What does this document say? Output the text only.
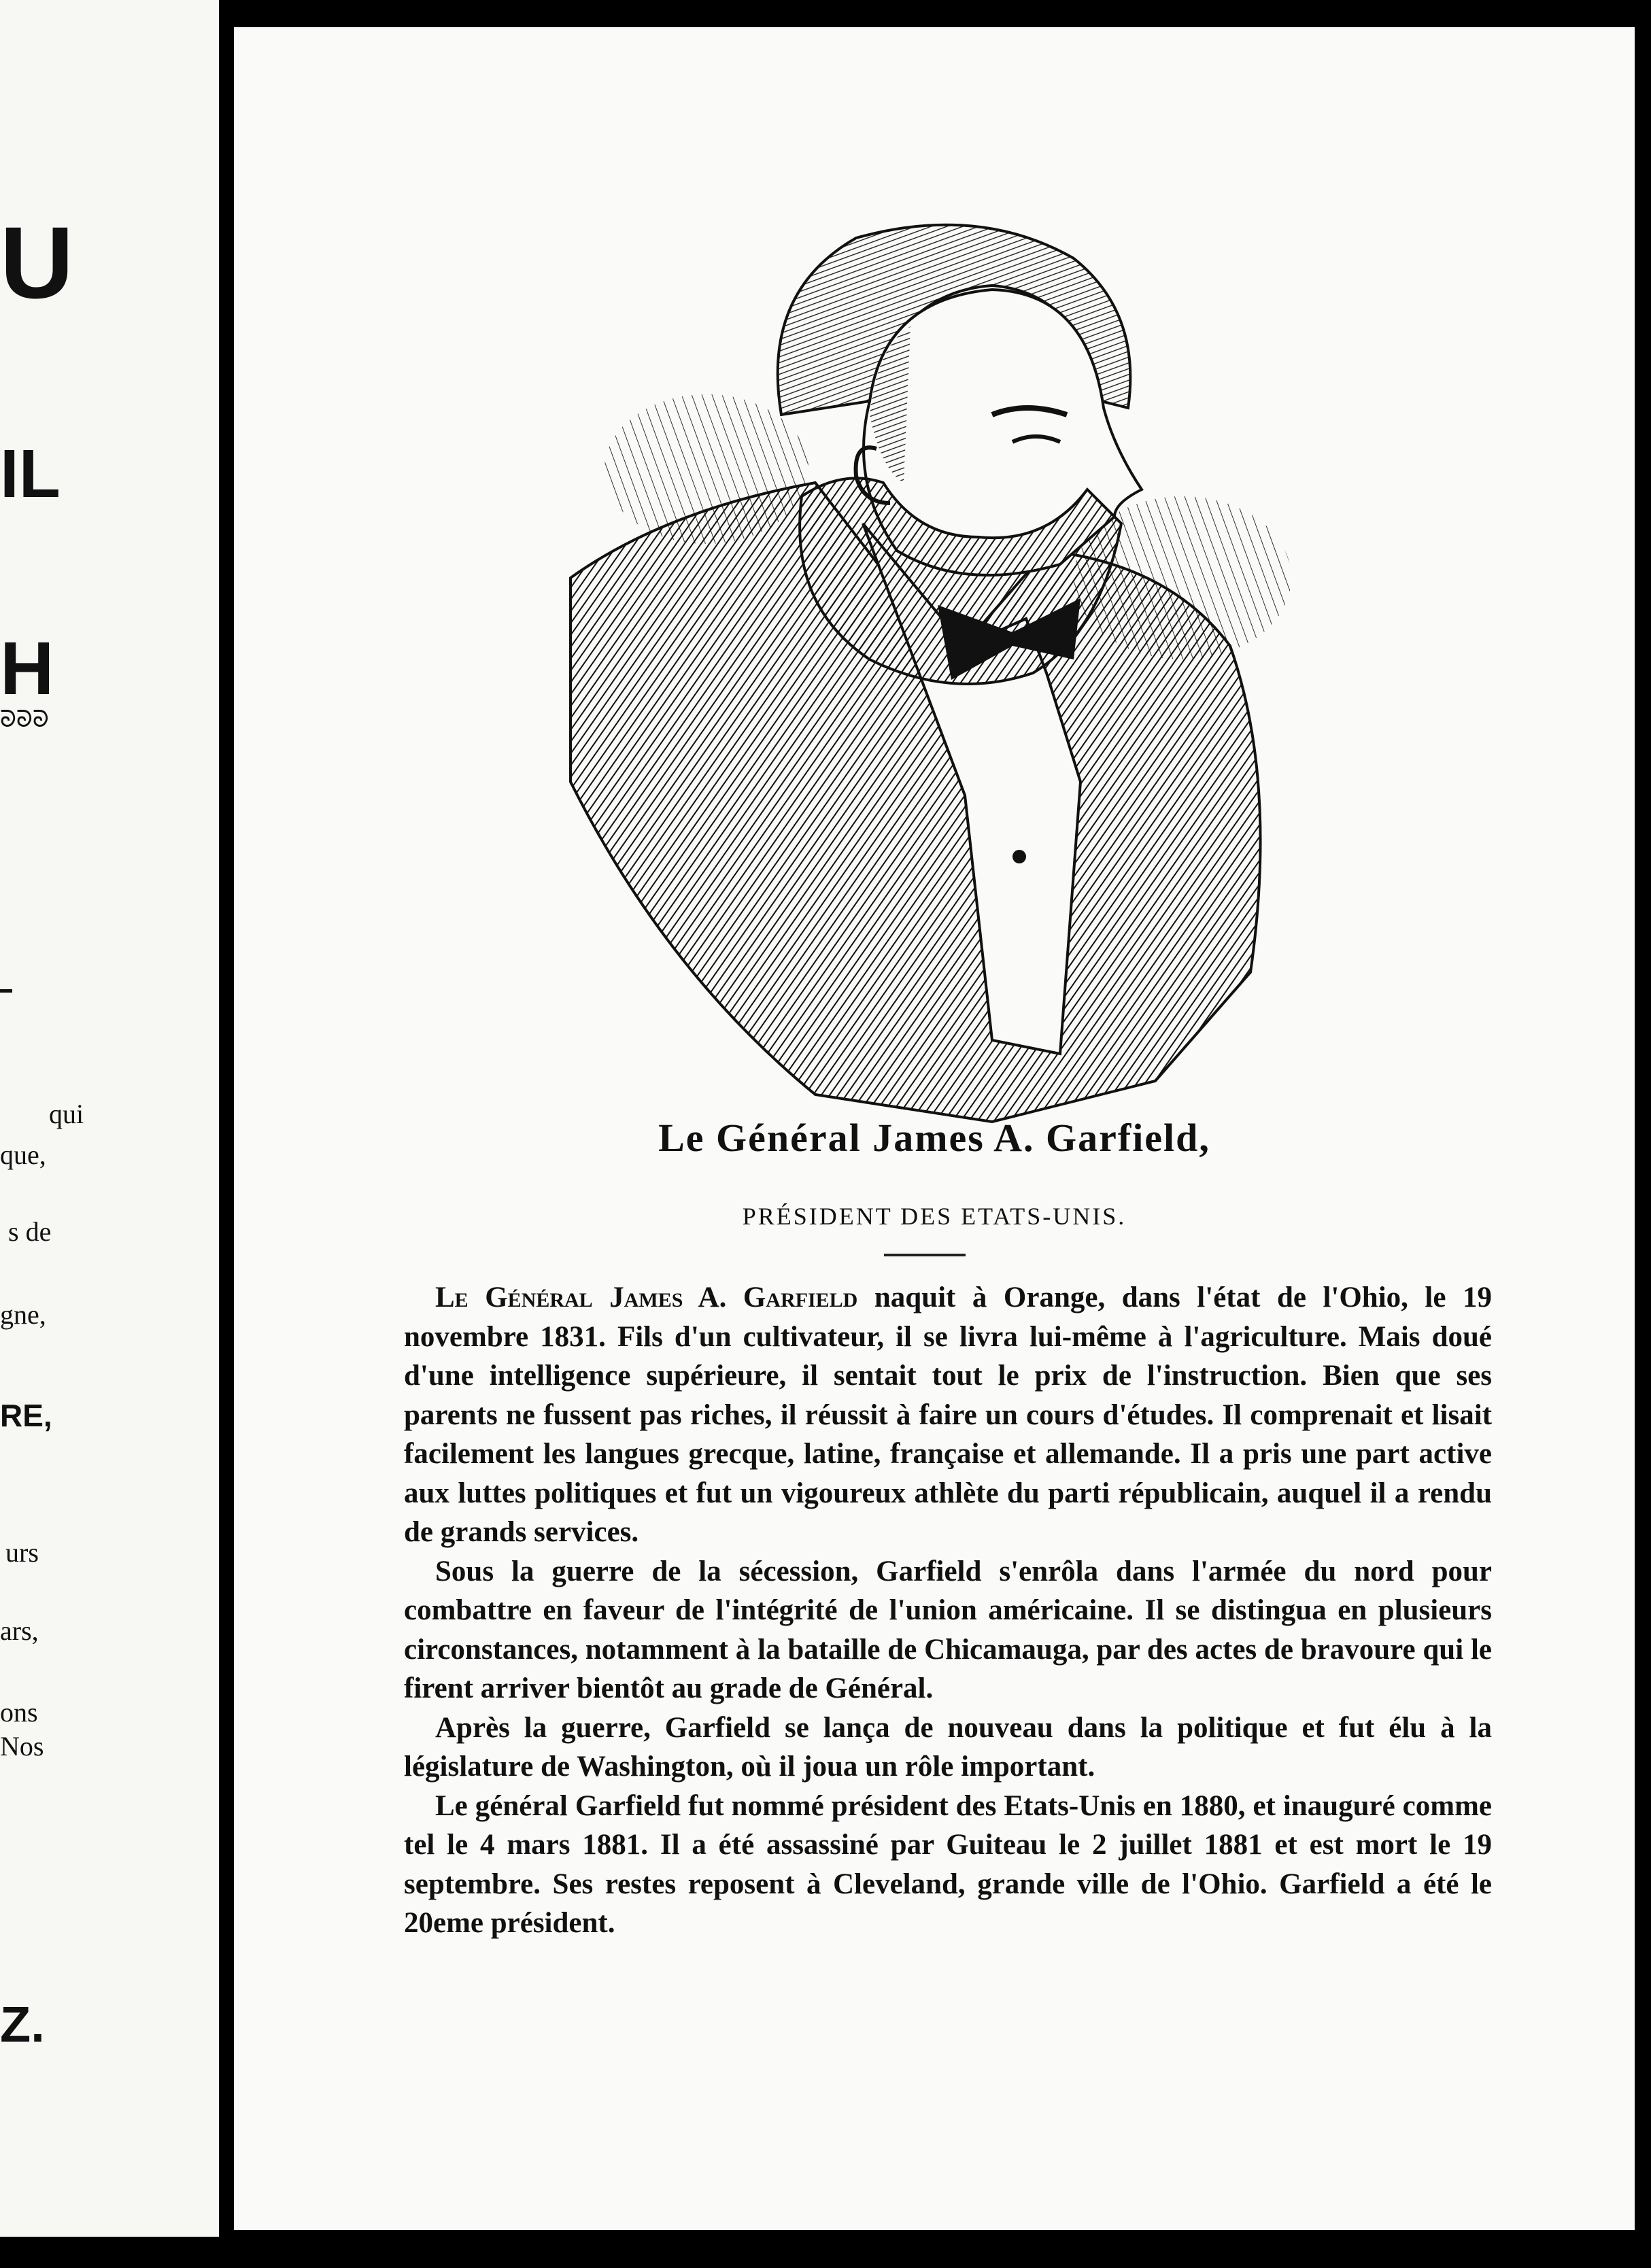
U
IL
H
ᘐᘐᘐ
qui
que,
s de
gne,
RE,
urs
ars,
ons
Nos
Z.
Le Général James A. Garfield,
PRÉSIDENT DES ETATS-UNIS.

Le Général James A. Garfield naquit à Orange, dans l'état de l'Ohio, le 19 novembre 1831. Fils d'un cultivateur, il se livra lui-même à l'agriculture. Mais doué d'une intelligence supérieure, il sentait tout le prix de l'instruction. Bien que ses parents ne fussent pas riches, il réussit à faire un cours d'études. Il comprenait et lisait facilement les langues grecque, latine, française et allemande. Il a pris une part active aux luttes politiques et fut un vigoureux athlète du parti républicain, auquel il a rendu de grands services.

Sous la guerre de la sécession, Garfield s'enrôla dans l'armée du nord pour combattre en faveur de l'intégrité de l'union américaine. Il se distingua en plusieurs circonstances, notamment à la bataille de Chicamauga, par des actes de bravoure qui le firent arriver bientôt au grade de Général.

Après la guerre, Garfield se lança de nouveau dans la politique et fut élu à la législature de Washington, où il joua un rôle important.

Le général Garfield fut nommé président des Etats-Unis en 1880, et inauguré comme tel le 4 mars 1881. Il a été assassiné par Guiteau le 2 juillet 1881 et est mort le 19 septembre. Ses restes reposent à Cleveland, grande ville de l'Ohio. Garfield a été le 20eme président.
